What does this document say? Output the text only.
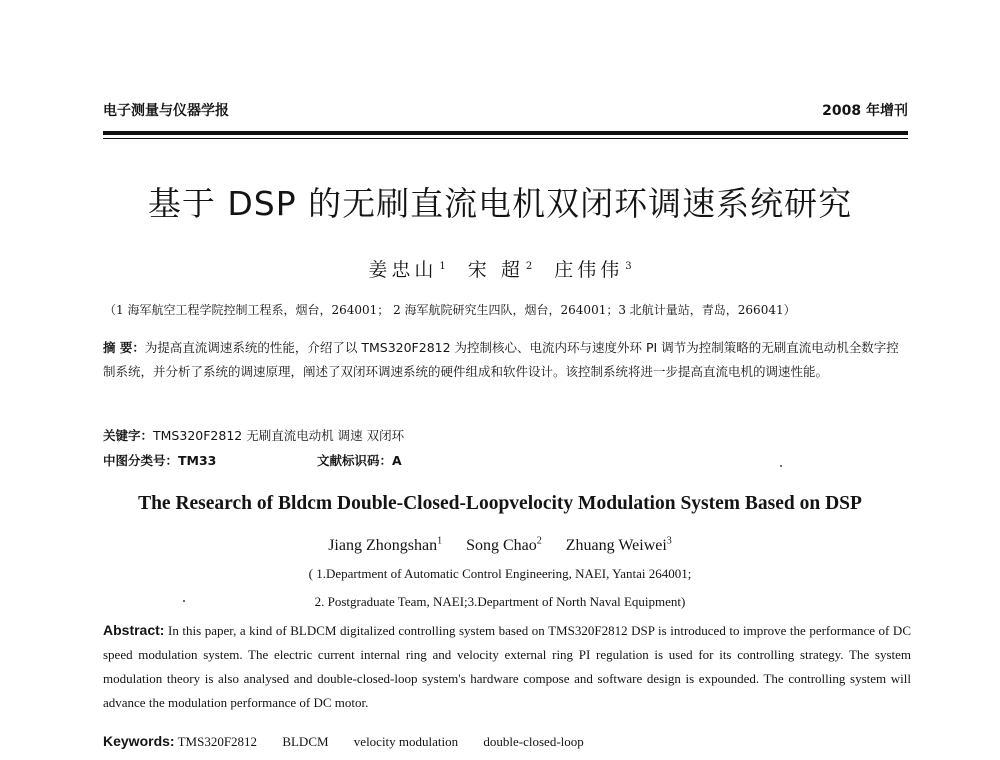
电子测量与仪器学报	2008 年增刊
基于 DSP 的无刷直流电机双闭环调速系统研究
姜忠山 $^1$ 宋 超 $^2$ 庄伟伟 $^3$
（1 海军航空工程学院控制工程系，烟台，264001； 2 海军航院研究生四队，烟台，264001；3 北航计量站，青岛，266041）
摘 要：为提高直流调速系统的性能，介绍了以 TMS320F2812 为控制核心、电流内环与速度外环 PI 调节为控制策略的无刷直流电动机全数字控制系统，并分析了系统的调速原理，阐述了双闭环调速系统的硬件组成和软件设计。该控制系统将进一步提高直流电机的调速性能。
关键字：TMS320F2812 无刷直流电动机 调速 双闭环
中图分类号：TM33	文献标识码：A
The Research of Bldcm Double-Closed-Loopvelocity Modulation System Based on DSP
Jiang Zhongshan$^1$ Song Chao$^2$ Zhuang Weiwei$^3$
( 1.Department of Automatic Control Engineering, NAEI, Yantai 264001;
2. Postgraduate Team, NAEI;3.Department of North Naval Equipment)
Abstract: In this paper, a kind of BLDCM digitalized controlling system based on TMS320F2812 DSP is introduced to improve the performance of DC speed modulation system. The electric current internal ring and velocity external ring PI regulation is used for its controlling strategy. The system modulation theory is also analysed and double-closed-loop system's hardware compose and software design is expounded. The controlling system will advance the modulation performance of DC motor.
Keywords: TMS320F2812 BLDCM velocity modulation double-closed-loop
